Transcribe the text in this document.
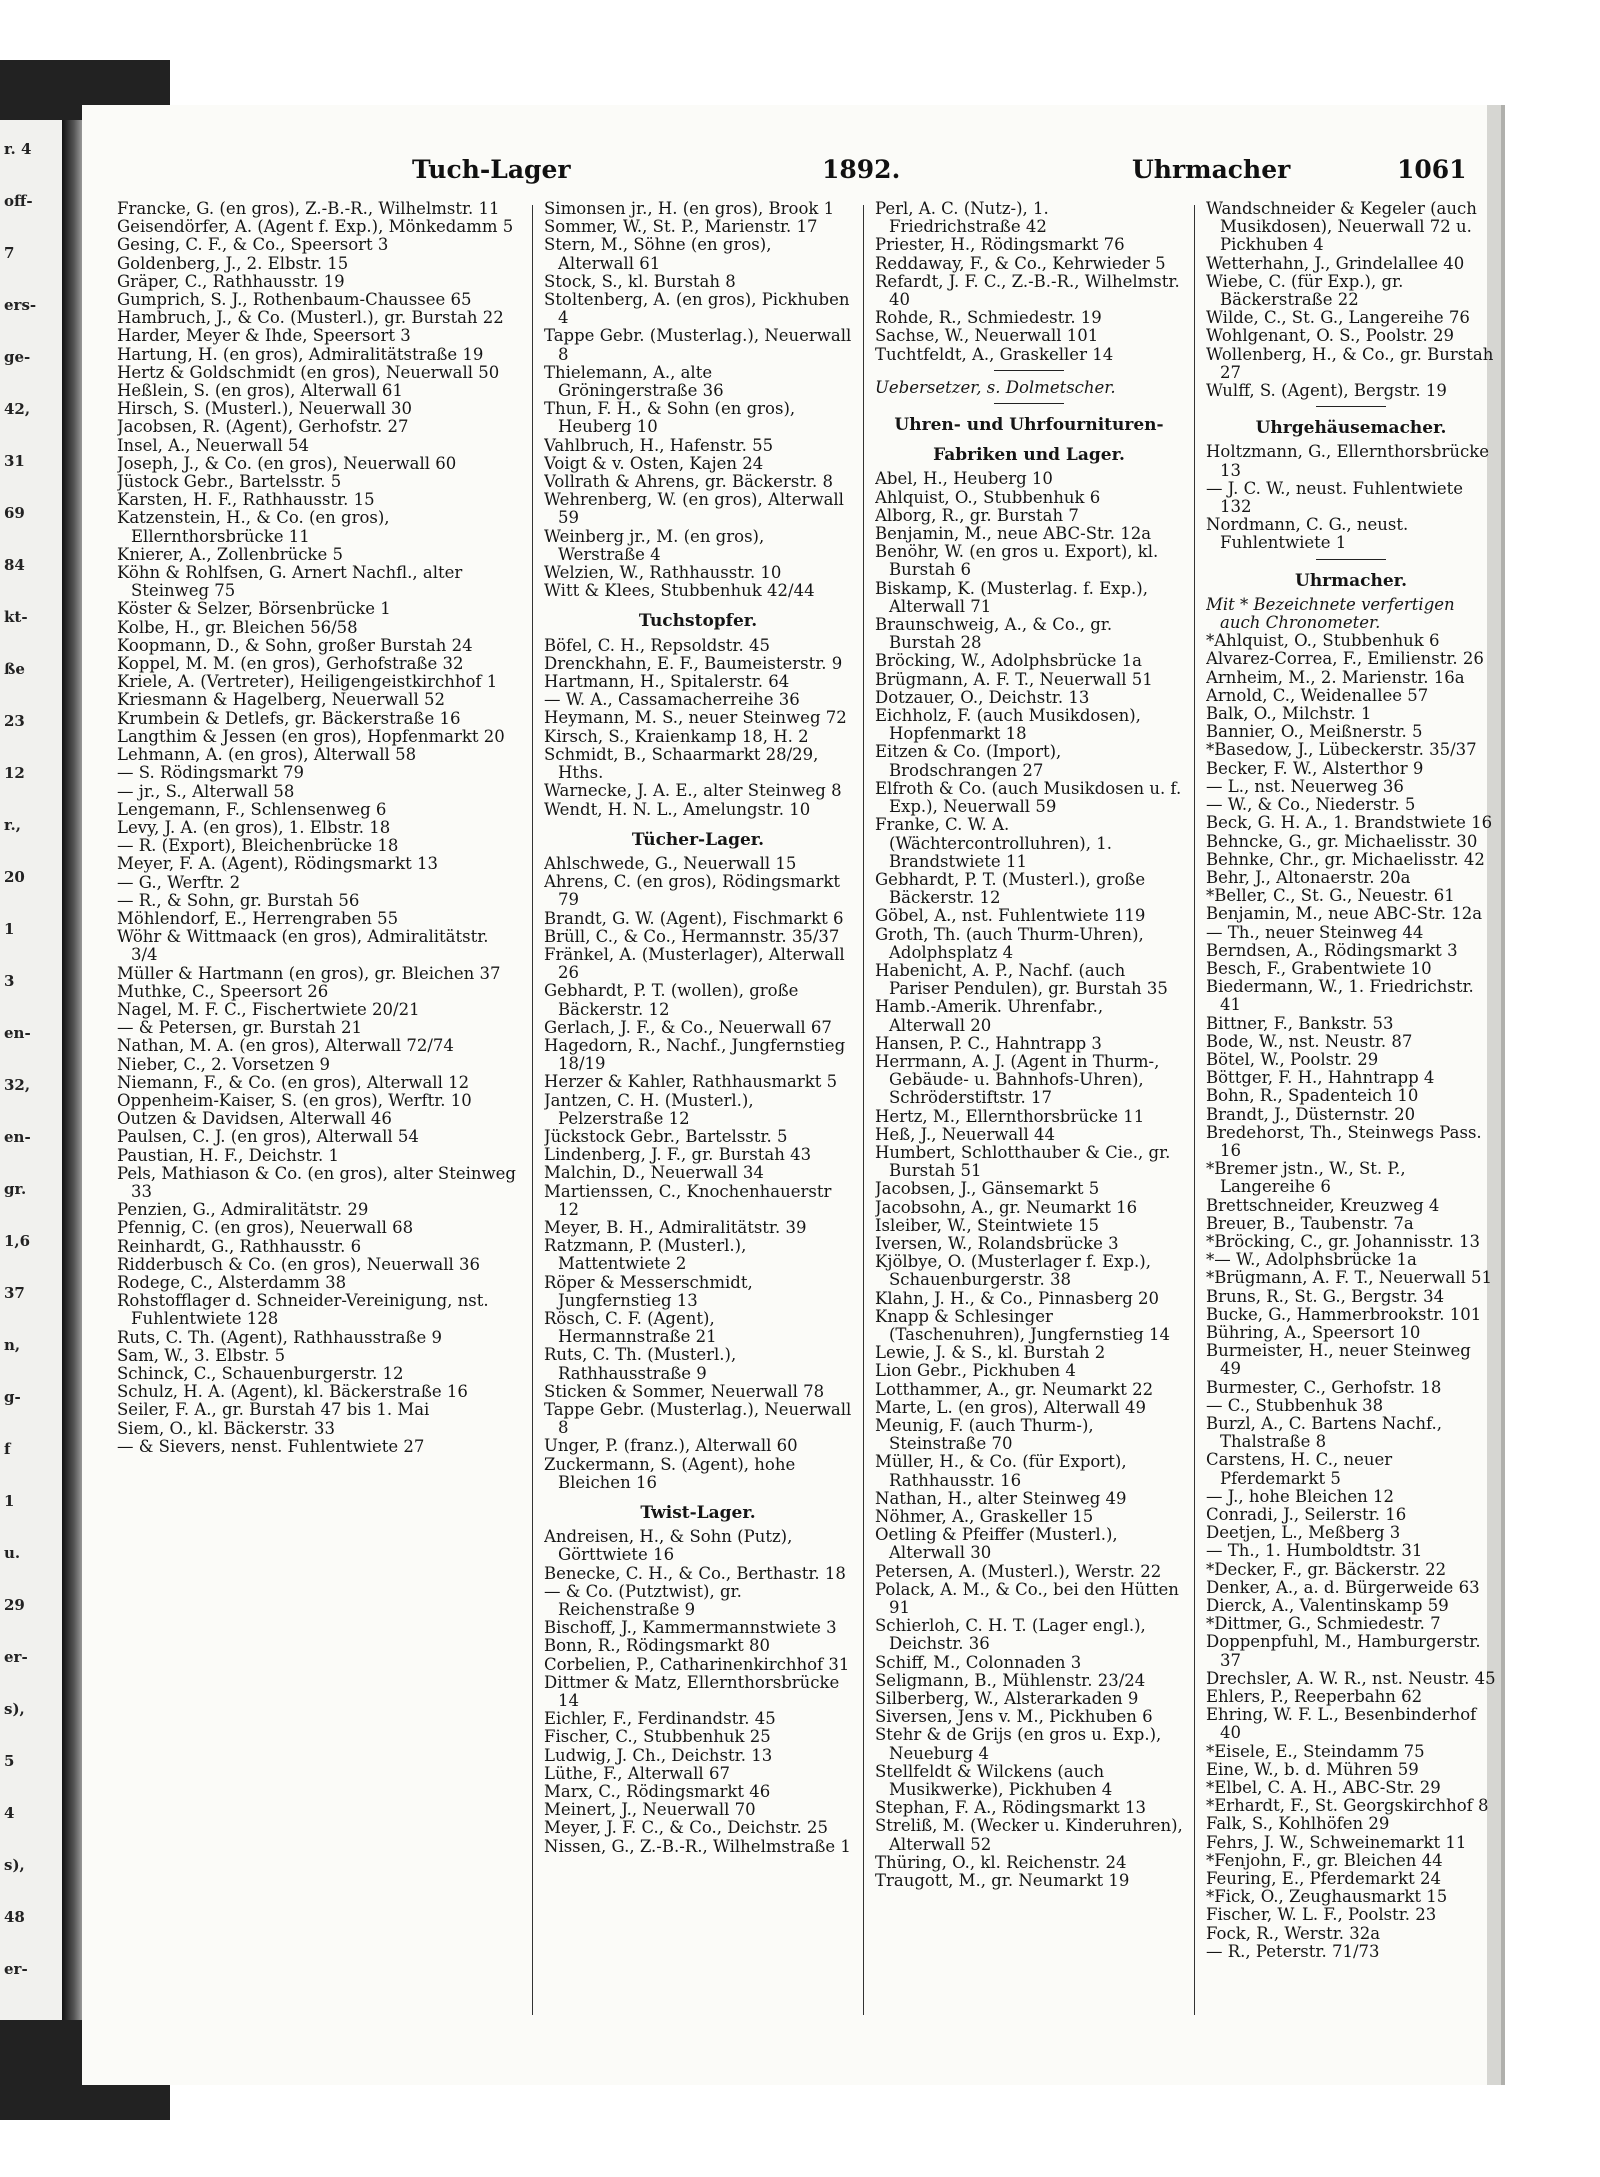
r. 4
off-
7
ers-
ge-
42,
31
69
84
kt-
ße
23
12
r.,
20
1
3
en-
32,
en-
gr.
1,6
37
n,
g-
f
1
u.
29
er-
s),
5
4
s),
48
er-
Tuch-Lager	1892.	Uhrmacher	1061
Francke, G. (en gros), Z.-B.-R., Wilhelmstr. 11
Geisendörfer, A. (Agent f. Exp.), Mönkedamm 5
Gesing, C. F., & Co., Speersort 3
Goldenberg, J., 2. Elbstr. 15
Gräper, C., Rathhausstr. 19
Gumprich, S. J., Rothenbaum-Chaussee 65
Hambruch, J., & Co. (Musterl.), gr. Burstah 22
Harder, Meyer & Ihde, Speersort 3
Hartung, H. (en gros), Admiralitätstraße 19
Hertz & Goldschmidt (en gros), Neuerwall 50
Heßlein, S. (en gros), Alterwall 61
Hirsch, S. (Musterl.), Neuerwall 30
Jacobsen, R. (Agent), Gerhofstr. 27
Insel, A., Neuerwall 54
Joseph, J., & Co. (en gros), Neuerwall 60
Jüstock Gebr., Bartelsstr. 5
Karsten, H. F., Rathhausstr. 15
Katzenstein, H., & Co. (en gros), Ellernthorsbrücke 11
Knierer, A., Zollenbrücke 5
Köhn & Rohlfsen, G. Arnert Nachfl., alter Steinweg 75
Köster & Selzer, Börsenbrücke 1
Kolbe, H., gr. Bleichen 56/58
Koopmann, D., & Sohn, großer Burstah 24
Koppel, M. M. (en gros), Gerhofstraße 32
Kriele, A. (Vertreter), Heiligengeistkirchhof 1
Kriesmann & Hagelberg, Neuerwall 52
Krumbein & Detlefs, gr. Bäckerstraße 16
Langthim & Jessen (en gros), Hopfenmarkt 20
Lehmann, A. (en gros), Alterwall 58
— S. Rödingsmarkt 79
— jr., S., Alterwall 58
Lengemann, F., Schlensenweg 6
Levy, J. A. (en gros), 1. Elbstr. 18
— R. (Export), Bleichenbrücke 18
Meyer, F. A. (Agent), Rödingsmarkt 13
— G., Werftr. 2
— R., & Sohn, gr. Burstah 56
Möhlendorf, E., Herrengraben 55
Wöhr & Wittmaack (en gros), Admiralitätstr. 3/4
Müller & Hartmann (en gros), gr. Bleichen 37
Muthke, C., Speersort 26
Nagel, M. F. C., Fischertwiete 20/21
— & Petersen, gr. Burstah 21
Nathan, M. A. (en gros), Alterwall 72/74
Nieber, C., 2. Vorsetzen 9
Niemann, F., & Co. (en gros), Alterwall 12
Oppenheim-Kaiser, S. (en gros), Werftr. 10
Outzen & Davidsen, Alterwall 46
Paulsen, C. J. (en gros), Alterwall 54
Paustian, H. F., Deichstr. 1
Pels, Mathiason & Co. (en gros), alter Steinweg 33
Penzien, G., Admiralitätstr. 29
Pfennig, C. (en gros), Neuerwall 68
Reinhardt, G., Rathhausstr. 6
Ridderbusch & Co. (en gros), Neuerwall 36
Rodege, C., Alsterdamm 38
Rohstofflager d. Schneider-Vereinigung, nst. Fuhlentwiete 128
Ruts, C. Th. (Agent), Rathhausstraße 9
Sam, W., 3. Elbstr. 5
Schinck, C., Schauenburgerstr. 12
Schulz, H. A. (Agent), kl. Bäckerstraße 16
Seiler, F. A., gr. Burstah 47 bis 1. Mai
Siem, O., kl. Bäckerstr. 33
— & Sievers, nenst. Fuhlentwiete 27
Simonsen jr., H. (en gros), Brook 1
Sommer, W., St. P., Marienstr. 17
Stern, M., Söhne (en gros), Alterwall 61
Stock, S., kl. Burstah 8
Stoltenberg, A. (en gros), Pickhuben 4
Tappe Gebr. (Musterlag.), Neuerwall 8
Thielemann, A., alte Gröningerstraße 36
Thun, F. H., & Sohn (en gros), Heuberg 10
Vahlbruch, H., Hafenstr. 55
Voigt & v. Osten, Kajen 24
Vollrath & Ahrens, gr. Bäckerstr. 8
Wehrenberg, W. (en gros), Alterwall 59
Weinberg jr., M. (en gros), Werstraße 4
Welzien, W., Rathhausstr. 10
Witt & Klees, Stubbenhuk 42/44
Tuchstopfer.
Böfel, C. H., Repsoldstr. 45
Drenckhahn, E. F., Baumeisterstr. 9
Hartmann, H., Spitalerstr. 64
— W. A., Cassamacherreihe 36
Heymann, M. S., neuer Steinweg 72
Kirsch, S., Kraienkamp 18, H. 2
Schmidt, B., Schaarmarkt 28/29, Hths.
Warnecke, J. A. E., alter Steinweg 8
Wendt, H. N. L., Amelungstr. 10
Tücher-Lager.
Ahlschwede, G., Neuerwall 15
Ahrens, C. (en gros), Rödingsmarkt 79
Brandt, G. W. (Agent), Fischmarkt 6
Brüll, C., & Co., Hermannstr. 35/37
Fränkel, A. (Musterlager), Alterwall 26
Gebhardt, P. T. (wollen), große Bäckerstr. 12
Gerlach, J. F., & Co., Neuerwall 67
Hagedorn, R., Nachf., Jungfernstieg 18/19
Herzer & Kahler, Rathhausmarkt 5
Jantzen, C. H. (Musterl.), Pelzerstraße 12
Jückstock Gebr., Bartelsstr. 5
Lindenberg, J. F., gr. Burstah 43
Malchin, D., Neuerwall 34
Martienssen, C., Knochenhauerstr 12
Meyer, B. H., Admiralitätstr. 39
Ratzmann, P. (Musterl.), Mattentwiete 2
Röper & Messerschmidt, Jungfernstieg 13
Rösch, C. F. (Agent), Hermannstraße 21
Ruts, C. Th. (Musterl.), Rathhausstraße 9
Sticken & Sommer, Neuerwall 78
Tappe Gebr. (Musterlag.), Neuerwall 8
Unger, P. (franz.), Alterwall 60
Zuckermann, S. (Agent), hohe Bleichen 16
Twist-Lager.
Andreisen, H., & Sohn (Putz), Görttwiete 16
Benecke, C. H., & Co., Berthastr. 18
— & Co. (Putztwist), gr. Reichenstraße 9
Bischoff, J., Kammermannstwiete 3
Bonn, R., Rödingsmarkt 80
Corbelien, P., Catharinenkirchhof 31
Dittmer & Matz, Ellernthorsbrücke 14
Eichler, F., Ferdinandstr. 45
Fischer, C., Stubbenhuk 25
Ludwig, J. Ch., Deichstr. 13
Lüthe, F., Alterwall 67
Marx, C., Rödingsmarkt 46
Meinert, J., Neuerwall 70
Meyer, J. F. C., & Co., Deichstr. 25
Nissen, G., Z.-B.-R., Wilhelmstraße 1
Perl, A. C. (Nutz-), 1. Friedrichstraße 42
Priester, H., Rödingsmarkt 76
Reddaway, F., & Co., Kehrwieder 5
Refardt, J. F. C., Z.-B.-R., Wilhelmstr. 40
Rohde, R., Schmiedestr. 19
Sachse, W., Neuerwall 101
Tuchtfeldt, A., Graskeller 14
Uebersetzer, s. Dolmetscher.
Uhren- und Uhrfournituren-
Fabriken und Lager.
Abel, H., Heuberg 10
Ahlquist, O., Stubbenhuk 6
Alborg, R., gr. Burstah 7
Benjamin, M., neue ABC-Str. 12a
Benöhr, W. (en gros u. Export), kl. Burstah 6
Biskamp, K. (Musterlag. f. Exp.), Alterwall 71
Braunschweig, A., & Co., gr. Burstah 28
Bröcking, W., Adolphsbrücke 1a
Brügmann, A. F. T., Neuerwall 51
Dotzauer, O., Deichstr. 13
Eichholz, F. (auch Musikdosen), Hopfenmarkt 18
Eitzen & Co. (Import), Brodschrangen 27
Elfroth & Co. (auch Musikdosen u. f. Exp.), Neuerwall 59
Franke, C. W. A. (Wächtercontrolluhren), 1. Brandstwiete 11
Gebhardt, P. T. (Musterl.), große Bäckerstr. 12
Göbel, A., nst. Fuhlentwiete 119
Groth, Th. (auch Thurm-Uhren), Adolphsplatz 4
Habenicht, A. P., Nachf. (auch Pariser Pendulen), gr. Burstah 35
Hamb.-Amerik. Uhrenfabr., Alterwall 20
Hansen, P. C., Hahntrapp 3
Herrmann, A. J. (Agent in Thurm-, Gebäude- u. Bahnhofs-Uhren), Schröderstiftstr. 17
Hertz, M., Ellernthorsbrücke 11
Heß, J., Neuerwall 44
Humbert, Schlotthauber & Cie., gr. Burstah 51
Jacobsen, J., Gänsemarkt 5
Jacobsohn, A., gr. Neumarkt 16
Isleiber, W., Steintwiete 15
Iversen, W., Rolandsbrücke 3
Kjölbye, O. (Musterlager f. Exp.), Schauenburgerstr. 38
Klahn, J. H., & Co., Pinnasberg 20
Knapp & Schlesinger (Taschenuhren), Jungfernstieg 14
Lewie, J. & S., kl. Burstah 2
Lion Gebr., Pickhuben 4
Lotthammer, A., gr. Neumarkt 22
Marte, L. (en gros), Alterwall 49
Meunig, F. (auch Thurm-), Steinstraße 70
Müller, H., & Co. (für Export), Rathhausstr. 16
Nathan, H., alter Steinweg 49
Nöhmer, A., Graskeller 15
Oetling & Pfeiffer (Musterl.), Alterwall 30
Petersen, A. (Musterl.), Werstr. 22
Polack, A. M., & Co., bei den Hütten 91
Schierloh, C. H. T. (Lager engl.), Deichstr. 36
Schiff, M., Colonnaden 3
Seligmann, B., Mühlenstr. 23/24
Silberberg, W., Alsterarkaden 9
Siversen, Jens v. M., Pickhuben 6
Stehr & de Grijs (en gros u. Exp.), Neueburg 4
Stellfeldt & Wilckens (auch Musikwerke), Pickhuben 4
Stephan, F. A., Rödingsmarkt 13
Streliß, M. (Wecker u. Kinderuhren), Alterwall 52
Thüring, O., kl. Reichenstr. 24
Traugott, M., gr. Neumarkt 19
Wandschneider & Kegeler (auch Musikdosen), Neuerwall 72 u. Pickhuben 4
Wetterhahn, J., Grindelallee 40
Wiebe, C. (für Exp.), gr. Bäckerstraße 22
Wilde, C., St. G., Langereihe 76
Wohlgenant, O. S., Poolstr. 29
Wollenberg, H., & Co., gr. Burstah 27
Wulff, S. (Agent), Bergstr. 19
Uhrgehäusemacher.
Holtzmann, G., Ellernthorsbrücke 13
— J. C. W., neust. Fuhlentwiete 132
Nordmann, C. G., neust. Fuhlentwiete 1
Uhrmacher.
Mit * Bezeichnete verfertigen auch Chronometer.
*Ahlquist, O., Stubbenhuk 6
Alvarez-Correa, F., Emilienstr. 26
Arnheim, M., 2. Marienstr. 16a
Arnold, C., Weidenallee 57
Balk, O., Milchstr. 1
Bannier, O., Meißnerstr. 5
*Basedow, J., Lübeckerstr. 35/37
Becker, F. W., Alsterthor 9
— L., nst. Neuerweg 36
— W., & Co., Niederstr. 5
Beck, G. H. A., 1. Brandstwiete 16
Behncke, G., gr. Michaelisstr. 30
Behnke, Chr., gr. Michaelisstr. 42
Behr, J., Altonaerstr. 20a
*Beller, C., St. G., Neuestr. 61
Benjamin, M., neue ABC-Str. 12a
— Th., neuer Steinweg 44
Berndsen, A., Rödingsmarkt 3
Besch, F., Grabentwiete 10
Biedermann, W., 1. Friedrichstr. 41
Bittner, F., Bankstr. 53
Bode, W., nst. Neustr. 87
Bötel, W., Poolstr. 29
Böttger, F. H., Hahntrapp 4
Bohn, R., Spadenteich 10
Brandt, J., Düsternstr. 20
Bredehorst, Th., Steinwegs Pass. 16
*Bremer jstn., W., St. P., Langereihe 6
Brettschneider, Kreuzweg 4
Breuer, B., Taubenstr. 7a
*Bröcking, C., gr. Johannisstr. 13
*— W., Adolphsbrücke 1a
*Brügmann, A. F. T., Neuerwall 51
Bruns, R., St. G., Bergstr. 34
Bucke, G., Hammerbrookstr. 101
Bühring, A., Speersort 10
Burmeister, H., neuer Steinweg 49
Burmester, C., Gerhofstr. 18
— C., Stubbenhuk 38
Burzl, A., C. Bartens Nachf., Thalstraße 8
Carstens, H. C., neuer Pferdemarkt 5
— J., hohe Bleichen 12
Conradi, J., Seilerstr. 16
Deetjen, L., Meßberg 3
— Th., 1. Humboldtstr. 31
*Decker, F., gr. Bäckerstr. 22
Denker, A., a. d. Bürgerweide 63
Dierck, A., Valentinskamp 59
*Dittmer, G., Schmiedestr. 7
Doppenpfuhl, M., Hamburgerstr. 37
Drechsler, A. W. R., nst. Neustr. 45
Ehlers, P., Reeperbahn 62
Ehring, W. F. L., Besenbinderhof 40
*Eisele, E., Steindamm 75
Eine, W., b. d. Mühren 59
*Elbel, C. A. H., ABC-Str. 29
*Erhardt, F., St. Georgskirchhof 8
Falk, S., Kohlhöfen 29
Fehrs, J. W., Schweinemarkt 11
*Fenjohn, F., gr. Bleichen 44
Feuring, E., Pferdemarkt 24
*Fick, O., Zeughausmarkt 15
Fischer, W. L. F., Poolstr. 23
Fock, R., Werstr. 32a
— R., Peterstr. 71/73
